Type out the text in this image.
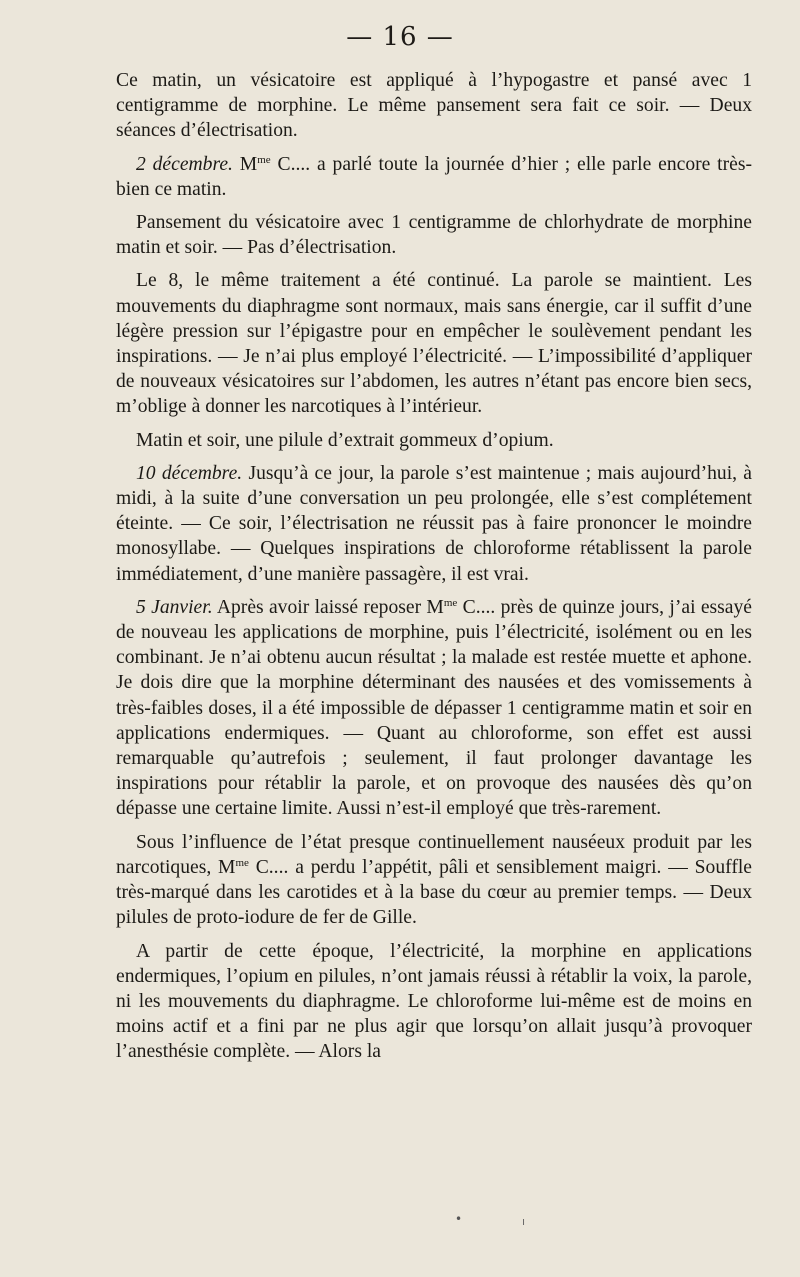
— 16 —

Ce matin, un vésicatoire est appliqué à l’hypogastre et pansé avec 1 centigramme de morphine. Le même pansement sera fait ce soir. — Deux séances d’électrisation.

2 décembre. $M^{me}$ C.... a parlé toute la journée d’hier ; elle parle encore très-bien ce matin.

Pansement du vésicatoire avec 1 centigramme de chlorhydrate de morphine matin et soir. — Pas d’électrisation.

Le 8, le même traitement a été continué. La parole se maintient. Les mouvements du diaphragme sont normaux, mais sans énergie, car il suffit d’une légère pression sur l’épigastre pour en empêcher le soulèvement pendant les inspirations. — Je n’ai plus employé l’électricité. — L’impossibilité d’appliquer de nouveaux vésicatoires sur l’abdomen, les autres n’étant pas encore bien secs, m’oblige à donner les narcotiques à l’intérieur.

Matin et soir, une pilule d’extrait gommeux d’opium.

10 décembre. Jusqu’à ce jour, la parole s’est maintenue ; mais aujourd’hui, à midi, à la suite d’une conversation un peu prolongée, elle s’est complétement éteinte. — Ce soir, l’électrisation ne réussit pas à faire prononcer le moindre monosyllabe. — Quelques inspirations de chloroforme rétablissent la parole immédiatement, d’une manière passagère, il est vrai.

5 Janvier. Après avoir laissé reposer $M^{me}$ C.... près de quinze jours, j’ai essayé de nouveau les applications de morphine, puis l’électricité, isolément ou en les combinant. Je n’ai obtenu aucun résultat ; la malade est restée muette et aphone. Je dois dire que la morphine déterminant des nausées et des vomissements à très-faibles doses, il a été impossible de dépasser 1 centigramme matin et soir en applications endermiques. — Quant au chloroforme, son effet est aussi remarquable qu’autrefois ; seulement, il faut prolonger davantage les inspirations pour rétablir la parole, et on provoque des nausées dès qu’on dépasse une certaine limite. Aussi n’est-il employé que très-rarement.

Sous l’influence de l’état presque continuellement nauséeux produit par les narcotiques, $M^{me}$ C.... a perdu l’appétit, pâli et sensiblement maigri. — Souffle très-marqué dans les carotides et à la base du cœur au premier temps. — Deux pilules de proto-iodure de fer de Gille.

A partir de cette époque, l’électricité, la morphine en applications endermiques, l’opium en pilules, n’ont jamais réussi à rétablir la voix, la parole, ni les mouvements du diaphragme. Le chloroforme lui-même est de moins en moins actif et a fini par ne plus agir que lorsqu’on allait jusqu’à provoquer l’anesthésie complète. — Alors la

•	ı
